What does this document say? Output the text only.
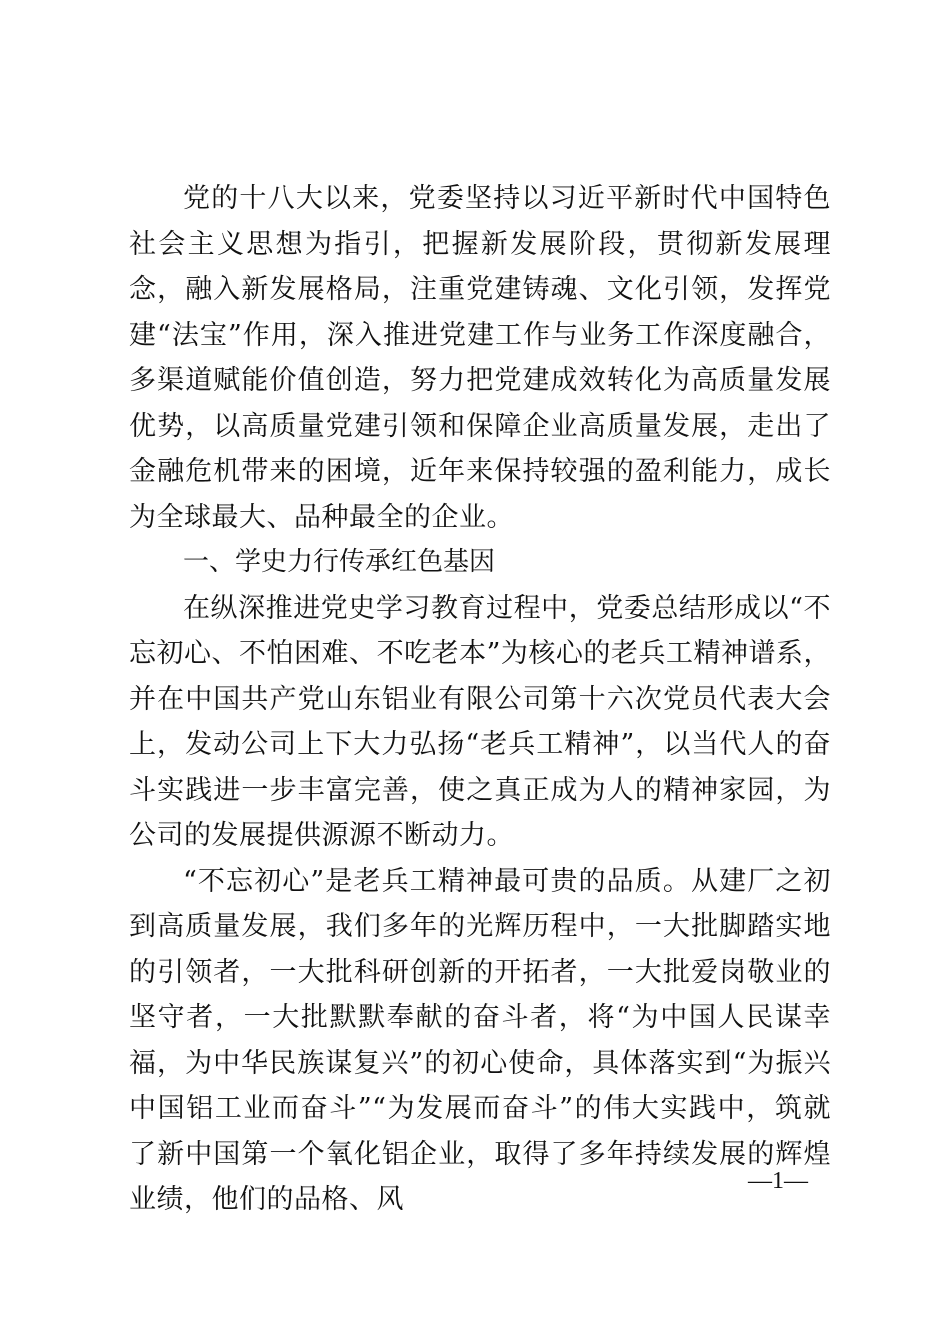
党的十八大以来，党委坚持以习近平新时代中国特色社会主义思想为指引，把握新发展阶段，贯彻新发展理念，融入新发展格局，注重党建铸魂、文化引领，发挥党建“法宝”作用，深入推进党建工作与业务工作深度融合，多渠道赋能价值创造，努力把党建成效转化为高质量发展优势，以高质量党建引领和保障企业高质量发展，走出了金融危机带来的困境，近年来保持较强的盈利能力，成长为全球最大、品种最全的企业。

一、学史力行传承红色基因

在纵深推进党史学习教育过程中，党委总结形成以“不忘初心、不怕困难、不吃老本”为核心的老兵工精神谱系，并在中国共产党山东铝业有限公司第十六次党员代表大会上，发动公司上下大力弘扬“老兵工精神”，以当代人的奋斗实践进一步丰富完善，使之真正成为人的精神家园，为公司的发展提供源源不断动力。

“不忘初心”是老兵工精神最可贵的品质。从建厂之初到高质量发展，我们多年的光辉历程中，一大批脚踏实地的引领者，一大批科研创新的开拓者，一大批爱岗敬业的坚守者，一大批默默奉献的奋斗者，将“为中国人民谋幸福，为中华民族谋复兴”的初心使命，具体落实到“为振兴中国铝工业而奋斗”“为发展而奋斗”的伟大实践中，筑就了新中国第一个氧化铝企业，取得了多年持续发展的辉煌业绩，他们的品格、风

—1—
